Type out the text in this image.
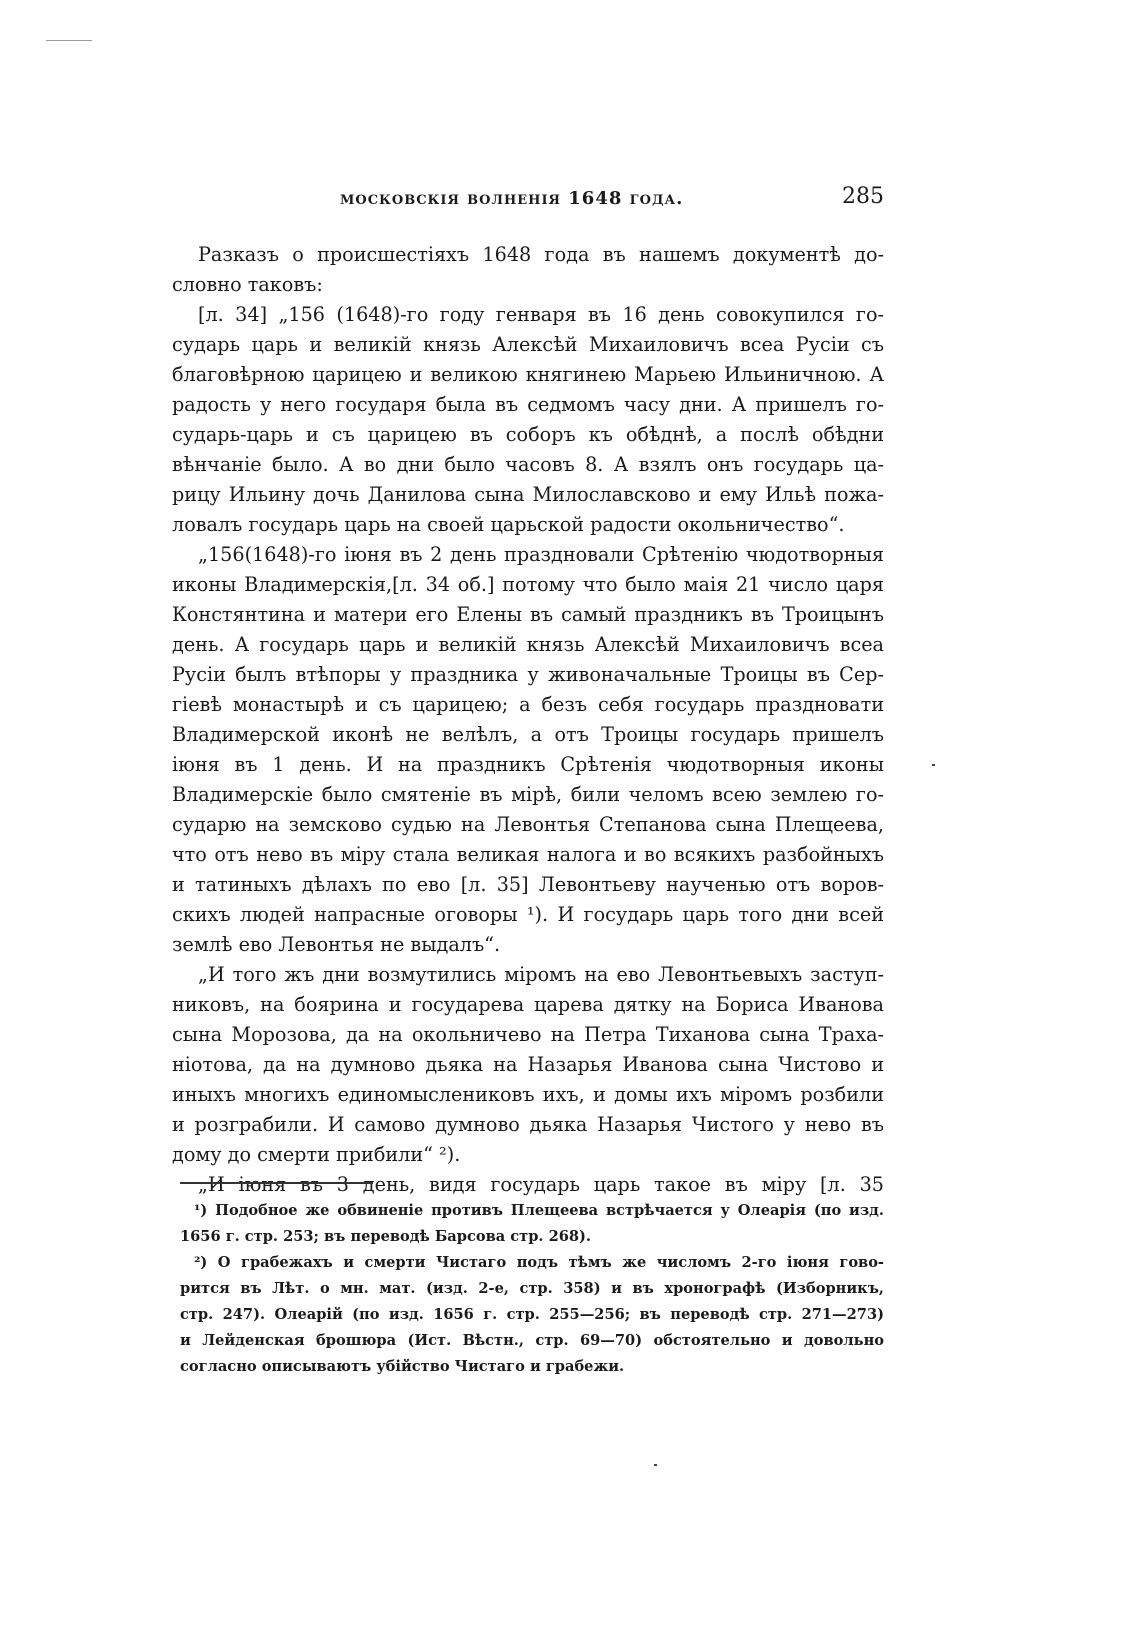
московскія волненія 1648 года.	285
Разказъ о происшестіяхъ 1648 года въ нашемъ документѣ до-
словно таковъ:
[л. 34] „156 (1648)-го году генваря въ 16 день совокупился го-
сударь царь и великій князь Алексѣй Михаиловичъ всеа Русіи съ
благовѣрною царицею и великою княгинею Марьею Ильиничною. А
радость у него государя была въ седмомъ часу дни. А пришелъ го-
сударь-царь и съ царицею въ соборъ къ обѣднѣ, а послѣ обѣдни
вѣнчаніе было. А во дни было часовъ 8. А взялъ онъ государь ца-
рицу Ильину дочь Данилова сына Милославсково и ему Ильѣ пожа-
ловалъ государь царь на своей царьской радости окольничество“.
„156(1648)-го іюня въ 2 день праздновали Срѣтенію чюдотворныя
иконы Владимерскія,[л. 34 об.] потому что было маія 21 число царя
Констянтина и матери его Елены въ самый праздникъ въ Троицынъ
день. А государь царь и великій князь Алексѣй Михаиловичъ всеа
Русіи былъ втѣпоры у праздника у живоначальные Троицы въ Сер-
гіевѣ монастырѣ и съ царицею; а безъ себя государь праздновати
Владимерской иконѣ не велѣлъ, а отъ Троицы государь пришелъ
іюня въ 1 день. И на праздникъ Срѣтенія чюдотворныя иконы
Владимерскіе было смятеніе въ мірѣ, били челомъ всею землею го-
сударю на земсково судью на Левонтья Степанова сына Плещеева,
что отъ нево въ міру стала великая налога и во всякихъ разбойныхъ
и татиныхъ дѣлахъ по ево [л. 35] Левонтьеву наученью отъ воров-
скихъ людей напрасные оговоры ¹). И государь царь того дни всей
землѣ ево Левонтья не выдалъ“.
„И того жъ дни возмутились міромъ на ево Левонтьевыхъ заступ-
никовъ, на боярина и государева царева дятку на Бориса Иванова
сына Морозова, да на окольничево на Петра Тиханова сына Траха-
ніотова, да на думново дьяка на Назарья Иванова сына Чистово и
иныхъ многихъ единомыслениковъ ихъ, и домы ихъ міромъ розбили
и розграбили. И самово думново дьяка Назарья Чистого у нево въ
дому до смерти прибили“ ²).
„И іюня въ 3 день, видя государь царь такое въ міру [л. 35
¹) Подобное же обвиненіе противъ Плещеева встрѣчается у Олеарія (по изд.
1656 г. стр. 253; въ переводѣ Барсова стр. 268).
²) О грабежахъ и смерти Чистаго подъ тѣмъ же числомъ 2-го іюня гово-
рится въ Лѣт. о мн. мат. (изд. 2-е, стр. 358) и въ хронографѣ (Изборникъ,
стр. 247). Олеарій (по изд. 1656 г. стр. 255—256; въ переводѣ стр. 271—273)
и Лейденская брошюра (Ист. Вѣстн., стр. 69—70) обстоятельно и довольно
согласно описываютъ убійство Чистаго и грабежи.
